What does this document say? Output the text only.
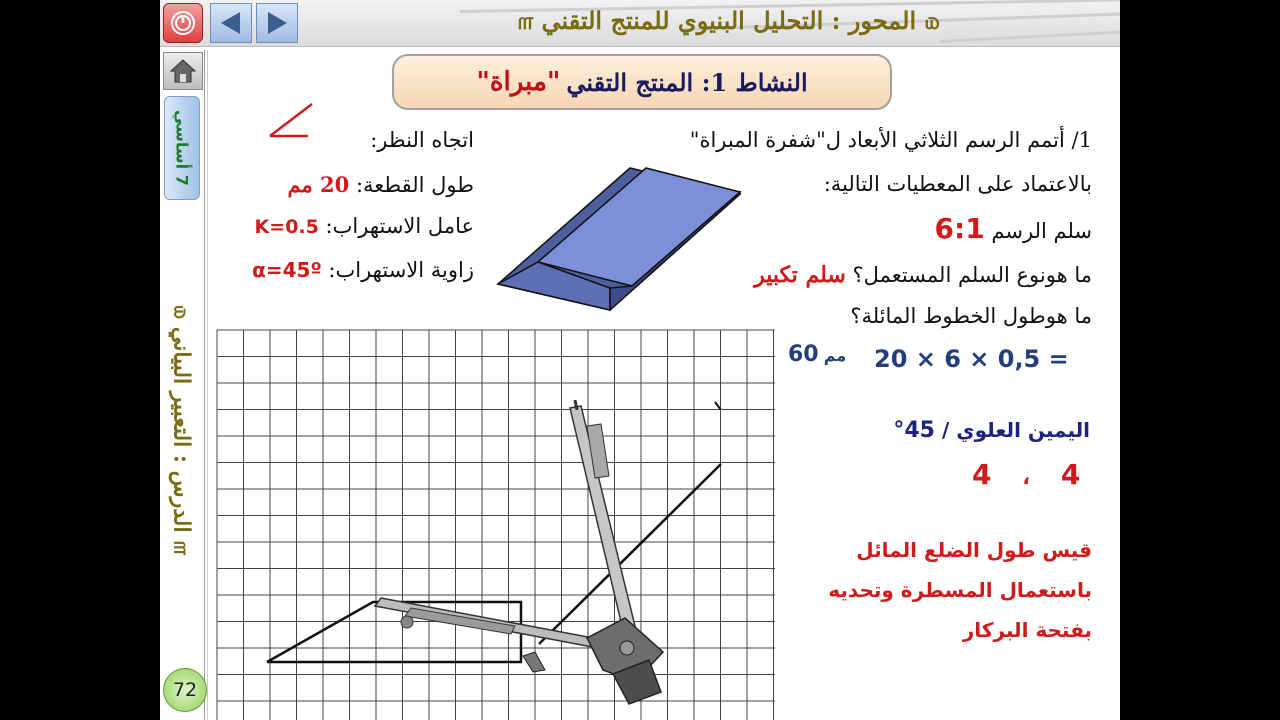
௰ المحور : التحليل البنيوي للمنتج التقني ௱
7 أساسي
௰ الدرس : التعبير البياني ௱
72
النشاط 1: المنتج التقني
"مبراة"
1/ أتمم الرسم الثلاثي الأبعاد ل"شفرة المبراة"
بالاعتماد على المعطيات التالية:
سلم الرسم 6:1
ما هونوع السلم المستعمل؟ سلم تكبير
ما هوطول الخطوط المائلة؟
مم 60	20 × 6 × 0,5 =
اتجاه النظر:
طول القطعة: 20 مم
عامل الاستهراب: K=0.5
زاوية الاستهراب: α=45º
اليمين العلوي / 45°
4 ، 4
قيس طول الضلع المائل
باستعمال المسطرة وتحديه
بفتحة البركار
